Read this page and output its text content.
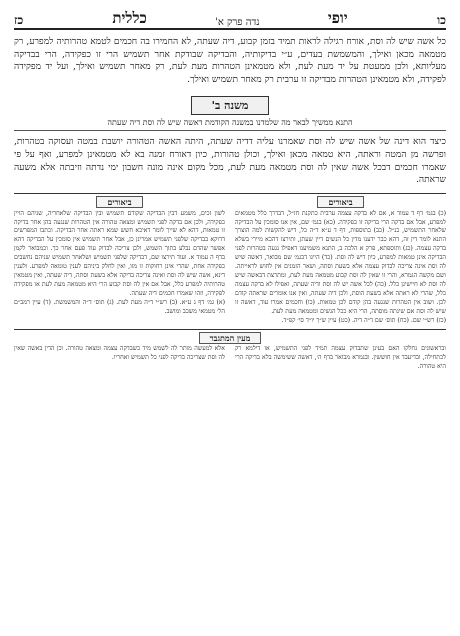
כו
יופי
נדה פרק א'
כללית
כז
כל אשה שיש לה וסת, אורח רגילה לראות תמיד בזמן קבוע, דיה שעתה, לא החמירו בה חכמים לטמא טהרותיה למפרע, רק מטמאה מכאן ואילך, והמשמשת בעדים, ע״י בדיקותיה, והבדיקה שבודקת אחר תשמיש הרי זו כפקידה, הרי בבדיקה מעליותא, ולכן ממעטת על יד מעת לעת, ולא מטמאינן הטהרות מעת לעת, רק מאחר תשמיש ואילך, ועל יד מפקידה לפקידה, ולא מטמאינן הטהרות מבדיקה זו ערבית רק מאחר תשמיש ואילך.
משנה ב'
התנא ממשיך לבאר מה שלמדנו במשנה הקודמת דאשה שיש לה וסת דיה שעתה
כיצד הוא דינה של אשה שיש לה וסת שאמרנו עליה דדיה שעתה, היתה האשה הטהורה יושבת במטה ועסוקה בטהרות, ופרשה מן המטה וראתה, היא טמאה מכאן ואילך, וכולן טהורות, כיון דאורח זמנה בא לא מטמאינן למפרע, ואף על פי שאמרו חכמים דבכל אשה שאין לה וסת מטמאה מעת לעת, מכל מקום אינה מונה חשבון ימי נדתה וזיבתה אלא משעה שראתה.
ביאורים
(כ) בגמ׳ דף ד עמוד א, אם לא בדקה עצמה ערבית כתקנת חז״ל, דבדרך כלל מטמאים למפרע, אבל אם בדקה הרי בדיקה זו כפקידה. (כא) בגמ׳ שם, אין אנו סומכין על הבדיקה שלאחר התשמיש, כנ״ל. (כב) בתוספות, דף ד ע״א ד״ה כל, דיש להקשות למה הוצרך התנא לומר דין זה, דהא כבר ידענו מדין כל הנשים דיין שעתן, ותירצו דהכא מיירי בשלא בדקה עצמה. (כג) ותוספתא, פרק א הלכה ב, התנא משמיענו דאפילו נגעה בטהרות לפני הבדיקה אינן טמאות למפרע, כיון דיש לה וסת. (כד) היינו דבגמ׳ שם מבואר, דאשה שיש לה וסת אינה צריכה לבדוק עצמה אלא בשעת וסתה, ושאר הזמנים אין לחוש לראייתה. ושם מקשה הגמרא, והרי זו שאין לה וסת קבוע מטמאה מעת לעת, ומתרצת דבאשה שיש לה וסת לא חיישינן כלל. (כה) לכל אשה יש לה וסת ודיה שעתה, ואפילו לא בדקה עצמה כלל, שהרי לא ראתה אלא בשעת הוסת, ולכן דיה שעתה, ואין אנו אומרים שראתה קודם לכן. ושוב אין הטהרות שנגעה בהן קודם לכן טמאות. (כו) וחכמים אמרו עוד, דאשה זו שיש לה וסת אם שינתה מוסתה, הרי היא ככל הנשים ומטמאה מעת לעת.
(כז) רש״י שם. (כח) תוס׳ שם ד״ה דיה. (כט) עיין ש״ך יו״ד סי׳ קפ״ד.
ביאורים
לשון זכים, משמע דבין הבדיקה שקודם תשמיש ובין הבדיקה שלאחריה, שניהם הויין כפקידה, ולכן אם בדקה לפני תשמיש ומצאה טהורה אין הטהרות שנגעה בהן אחר בדיקה זו טמאות, דהא לא שייך לומר דאיכא חשש שמא ראתה אחר הבדיקה. וכתבו המפרשים דדוקא בבדיקה שלפני תשמיש אמרינן כן, אבל אחר תשמיש אין סומכין על הבדיקה דהא אפשר שהדם נבלע בתוך השמש, ולכן צריכה לבדוק עוד פעם אחר כך. וכמבואר לקמן בדף ה עמוד א. ועוד תירצו שם, דבדיקה שלפני תשמיש ושלאחר תשמיש שניהם נחשבים כפקידה אחת, שהרי אינן רחוקות זו מזו, ואין לחלק ביניהם לענין טומאה למפרע. ולענין דינא, אשה שיש לה וסת ואינה צריכה בדיקה אלא בשעת וסתה, דיה שעתה, ואין מטמאין טהרותיה למפרע כלל, אבל אם אין לה וסת קבוע הרי היא מטמאה מעת לעת או מפקידה לפקידה, וזהו שאמרו חכמים דיה שעתה.
(א) גמ׳ דף ג ע״א. (ב) רש״י ד״ה מעת לעת. (ג) תוס׳ ד״ה והמשמשת. (ד) עיין רמב״ם הל׳ מטמאי משכב ומושב.
מעין המתגבר
ובראשונים נחלקו האם בעינן שתבדוק עצמה תמיד לפני התשמיש, או דילמא רק לכתחילה, ובדיעבד אין חוששין. ובגמרא מבואר בדף ה׳, דאשה ששימשה בלא בדיקה הרי היא טהורה.
אלא למעשה מותר לה לשמש מיד כשבדקה עצמה ומצאה טהורה. וכן הדין באשה שאין לה וסת שצריכה בדיקה לפני כל תשמיש ואחריו.
